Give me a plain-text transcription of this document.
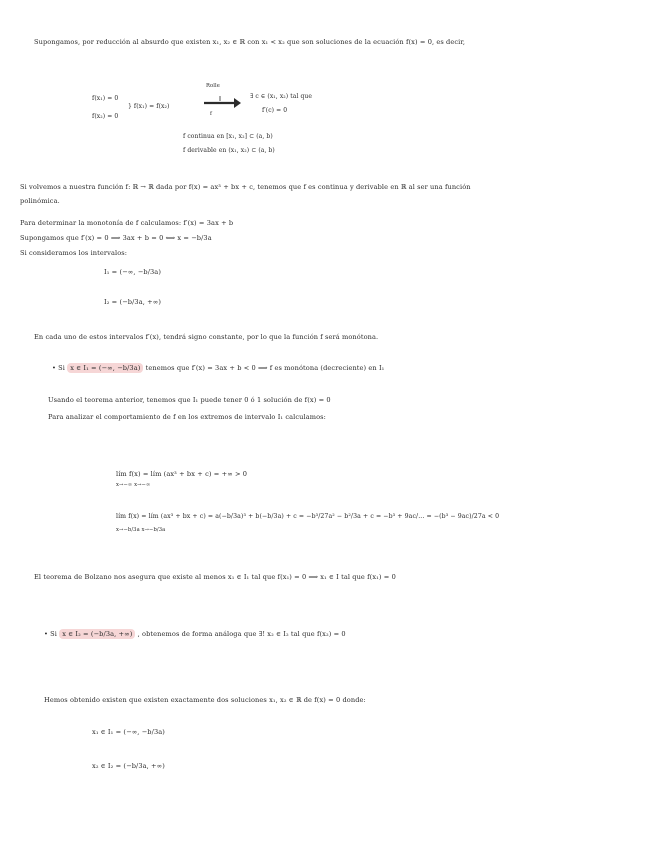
Supongamos, por reducción al absurdo que existen x₁, x₂ ∈ ℝ con x₁ < x₂ que son soluciones de la ecuación f(x) = 0, es decir,
f(x₁) = 0
f(x₂) = 0
} f(x₁) = f(x₂)
Rolle
f
∃ c ∈ (x₁, x₂) tal que
f′(c) = 0
f continua en [x₁, x₂] ⊂ (a, b)
f derivable en (x₁, x₂) ⊂ (a, b)
Si volvemos a nuestra función f: ℝ → ℝ dada por f(x) = ax³ + bx + c, tenemos que f es continua y derivable en ℝ al ser una función
polinómica.
Para determinar la monotonía de f calculamos: f′(x) = 3ax + b
Supongamos que f′(x) = 0 ⟹ 3ax + b = 0 ⟺ x = −b/3a
Si consideramos los intervalos:
I₁ = (−∞, −b/3a)
I₂ = (−b/3a, +∞)
En cada uno de estos intervalos f′(x), tendrá signo constante, por lo que la función f será monótona.
• Si x ∈ I₁ = (−∞, −b/3a) tenemos que f′(x) = 3ax + b < 0 ⟹ f es monótona (decreciente) en I₁
Usando el teorema anterior, tenemos que I₁ puede tener 0 ó 1 solución de f(x) = 0
Para analizar el comportamiento de f en los extremos de intervalo I₁ calculamos:
lím f(x) = lím (ax³ + bx + c) = +∞ > 0
x→−∞ x→−∞
lím f(x) = lím (ax³ + bx + c) = a(−b/3a)³ + b(−b/3a) + c = −b³/27a² − b²/3a + c = −b³ + 9ac/... = −(b³ − 9ac)/27a < 0
x→−b/3a x→−b/3a
El teorema de Bolzano nos asegura que existe al menos x₁ ∈ I₁ tal que f(x₁) = 0 ⟹ x₁ ∈ I tal que f(x₁) = 0
• Si x ∈ I₂ = (−b/3a, +∞) , obtenemos de forma análoga que ∃! x₂ ∈ I₂ tal que f(x₂) = 0
Hemos obtenido existen que existen exactamente dos soluciones x₁, x₂ ∈ ℝ de f(x) = 0 donde:
x₁ ∈ I₁ = (−∞, −b/3a)
x₂ ∈ I₂ = (−b/3a, +∞)
